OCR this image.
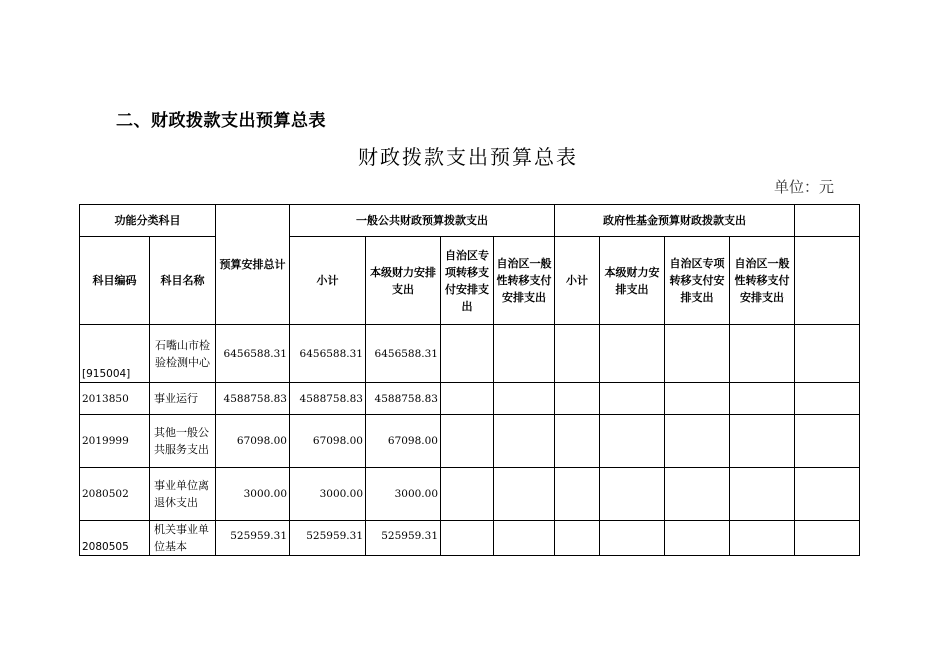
二、财政拨款支出预算总表
财政拨款支出预算总表
单位：元
功能分类科目		预算安排总计	一般公共财政预算拨款支出				政府性基金预算财政拨款支出				
科目编码	科目名称		小计	本级财力安排支出	自治区专项转移支付安排支出	自治区一般性转移支付安排支出	小计	本级财力安排支出	自治区专项转移支付安排支出	自治区一般性转移支付安排支出	
[915004]	石嘴山市检验检测中心	6456588.31	6456588.31	6456588.31							
2013850	事业运行	4588758.83	4588758.83	4588758.83							
2019999	其他一般公共服务支出	67098.00	67098.00	67098.00							
2080502	事业单位离退休支出	3000.00	3000.00	3000.00							
2080505	机关事业单位基本	525959.31	525959.31	525959.31							
